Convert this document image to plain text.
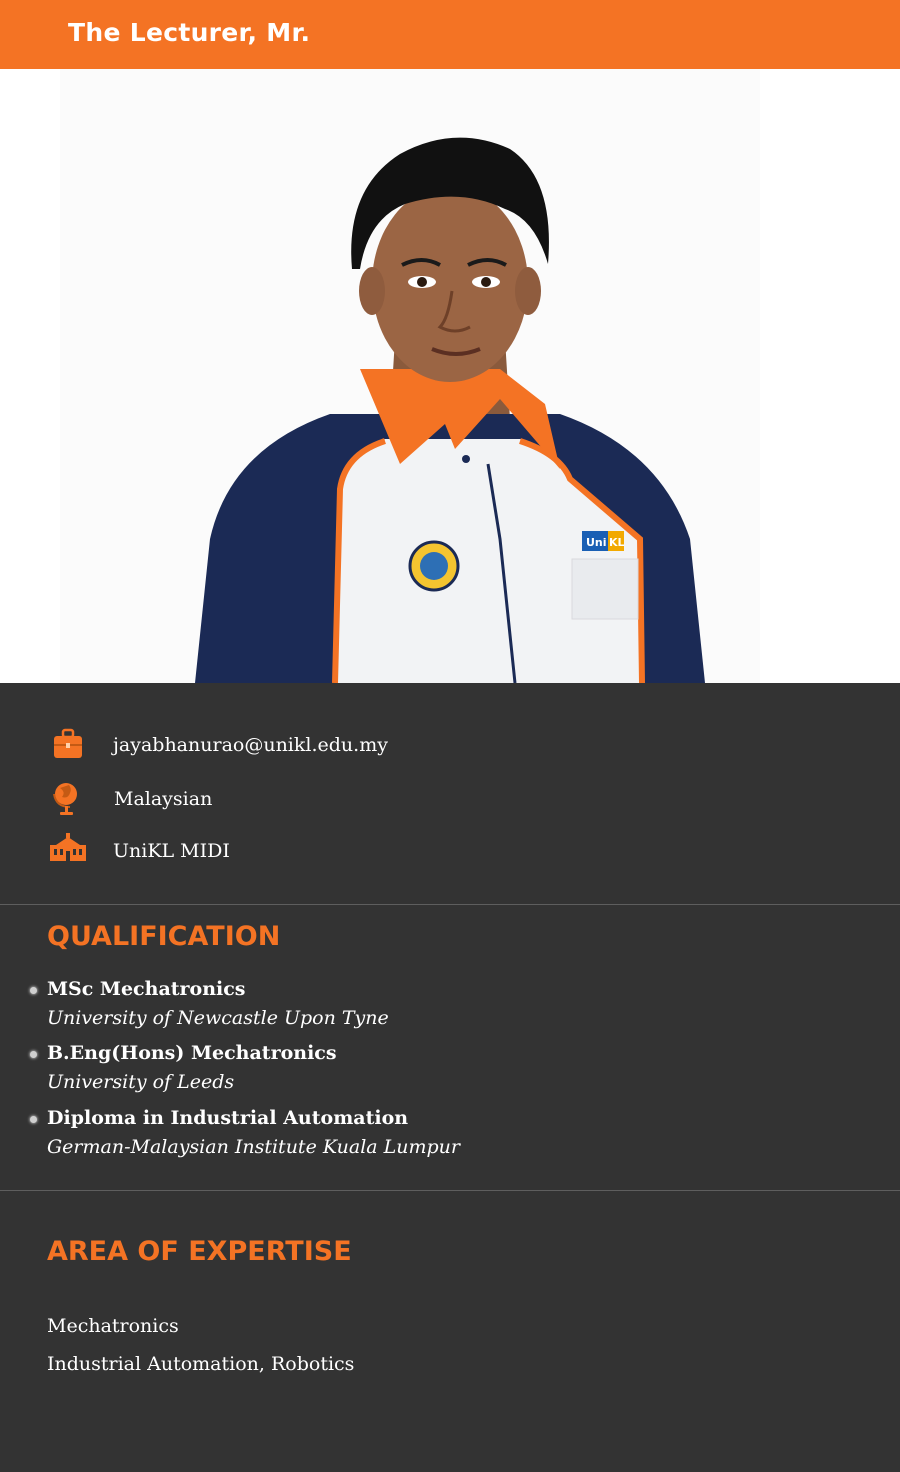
The Lecturer, Mr.
Uni KL
jayabhanurao@unikl.edu.my
Malaysian
UniKL MIDI
QUALIFICATION
MSc Mechatronics
University of Newcastle Upon Tyne
B.Eng(Hons) Mechatronics
University of Leeds
Diploma in Industrial Automation
German-Malaysian Institute Kuala Lumpur
AREA OF EXPERTISE
Mechatronics
Industrial Automation, Robotics
